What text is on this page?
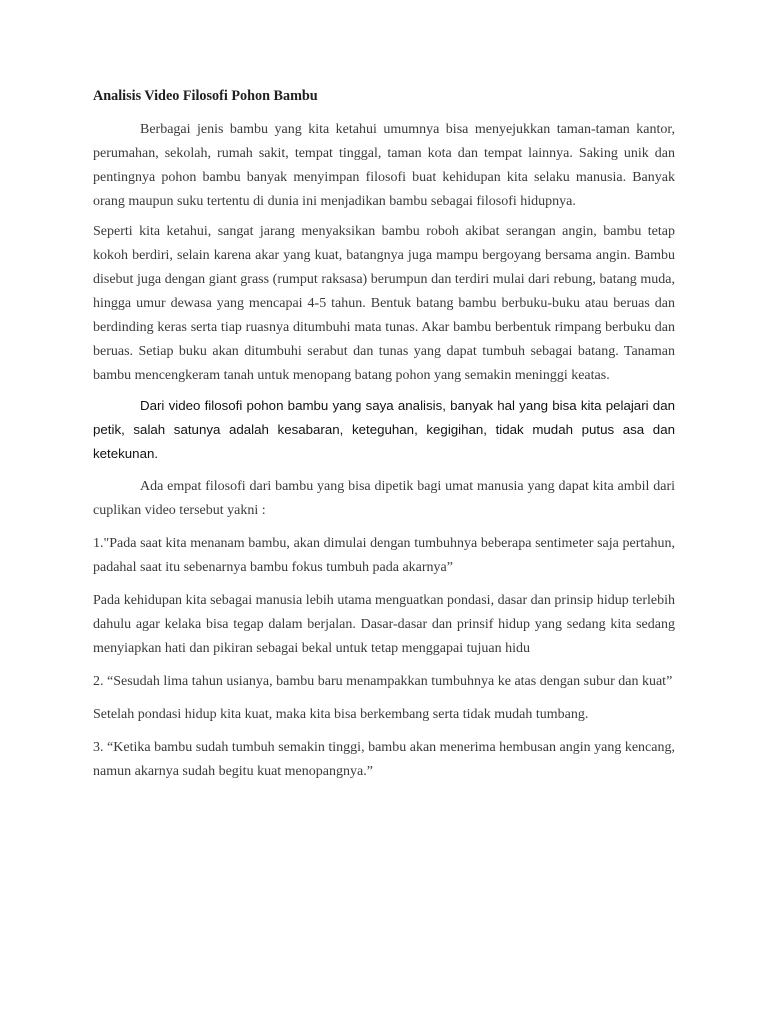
Analisis Video Filosofi Pohon Bambu

Berbagai jenis bambu yang kita ketahui umumnya bisa menyejukkan taman-taman kantor, perumahan, sekolah, rumah sakit, tempat tinggal, taman kota dan tempat lainnya. Saking unik dan pentingnya pohon bambu banyak menyimpan filosofi buat kehidupan kita selaku manusia. Banyak orang maupun suku tertentu di dunia ini menjadikan bambu sebagai filosofi hidupnya.

Seperti kita ketahui, sangat jarang menyaksikan bambu roboh akibat serangan angin, bambu tetap kokoh berdiri, selain karena akar yang kuat, batangnya juga mampu bergoyang bersama angin. Bambu disebut juga dengan giant grass (rumput raksasa) berumpun dan terdiri mulai dari rebung, batang muda, hingga umur dewasa yang mencapai 4-5 tahun. Bentuk batang bambu berbuku-buku atau beruas dan berdinding keras serta tiap ruasnya ditumbuhi mata tunas. Akar bambu berbentuk rimpang berbuku dan beruas. Setiap buku akan ditumbuhi serabut dan tunas yang dapat tumbuh sebagai batang. Tanaman bambu mencengkeram tanah untuk menopang batang pohon yang semakin meninggi keatas.

Dari video filosofi pohon bambu yang saya analisis, banyak hal yang bisa kita pelajari dan petik, salah satunya adalah kesabaran, keteguhan, kegigihan, tidak mudah putus asa dan ketekunan.

Ada empat filosofi dari bambu yang bisa dipetik bagi umat manusia yang dapat kita ambil dari cuplikan video tersebut yakni :

1."Pada saat kita menanam bambu, akan dimulai dengan tumbuhnya beberapa sentimeter saja pertahun, padahal saat itu sebenarnya bambu fokus tumbuh pada akarnya”

Pada kehidupan kita sebagai manusia lebih utama menguatkan pondasi, dasar dan prinsip hidup terlebih dahulu agar kelaka bisa tegap dalam berjalan. Dasar-dasar dan prinsif hidup yang sedang kita sedang menyiapkan hati dan pikiran sebagai bekal untuk tetap menggapai tujuan hidu

2. “Sesudah lima tahun usianya, bambu baru menampakkan tumbuhnya ke atas dengan subur dan kuat”

Setelah pondasi hidup kita kuat, maka kita bisa berkembang serta tidak mudah tumbang.

3. “Ketika bambu sudah tumbuh semakin tinggi, bambu akan menerima hembusan angin yang kencang, namun akarnya sudah begitu kuat menopangnya.”
